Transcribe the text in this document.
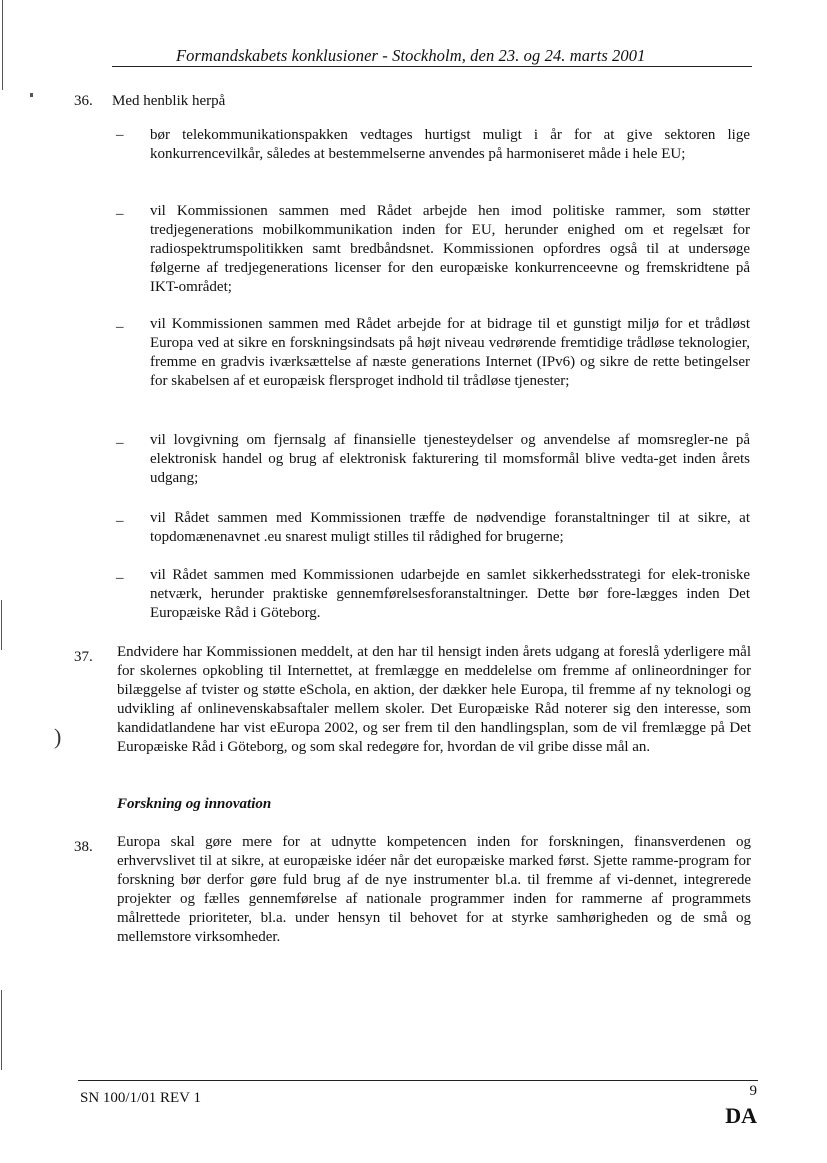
Formandskabets konklusioner - Stockholm, den 23. og 24. marts 2001
36. Med henblik herpå
– bør telekommunikationspakken vedtages hurtigst muligt i år for at give sektoren lige konkurrencevilkår, således at bestemmelserne anvendes på harmoniseret måde i hele EU;
– vil Kommissionen sammen med Rådet arbejde hen imod politiske rammer, som støtter tredjegenerations mobilkommunikation inden for EU, herunder enighed om et regelsæt for radiospektrumspolitikken samt bredbåndsnet. Kommissionen opfordres også til at undersøge følgerne af tredjegenerations licenser for den europæiske konkurrenceevne og fremskridtene på IKT-området;
– vil Kommissionen sammen med Rådet arbejde for at bidrage til et gunstigt miljø for et trådløst Europa ved at sikre en forskningsindsats på højt niveau vedrørende fremtidige trådløse teknologier, fremme en gradvis iværksættelse af næste generations Internet (IPv6) og sikre de rette betingelser for skabelsen af et europæisk flersproget indhold til trådløse tjenester;
– vil lovgivning om fjernsalg af finansielle tjenesteydelser og anvendelse af momsregler-ne på elektronisk handel og brug af elektronisk fakturering til momsformål blive vedta-get inden årets udgang;
– vil Rådet sammen med Kommissionen træffe de nødvendige foranstaltninger til at sikre, at topdomænenavnet .eu snarest muligt stilles til rådighed for brugerne;
– vil Rådet sammen med Kommissionen udarbejde en samlet sikkerhedsstrategi for elek-troniske netværk, herunder praktiske gennemførelsesforanstaltninger. Dette bør fore-lægges inden Det Europæiske Råd i Göteborg.
37. Endvidere har Kommissionen meddelt, at den har til hensigt inden årets udgang at foreslå yderligere mål for skolernes opkobling til Internettet, at fremlægge en meddelelse om fremme af onlineordninger for bilæggelse af tvister og støtte eSchola, en aktion, der dækker hele Europa, til fremme af ny teknologi og udvikling af onlinevenskabsaftaler mellem skoler. Det Europæiske Råd noterer sig den interesse, som kandidatlandene har vist eEuropa 2002, og ser frem til den handlingsplan, som de vil fremlægge på Det Europæiske Råd i Göteborg, og som skal redegøre for, hvordan de vil gribe disse mål an.
)
Forskning og innovation
38. Europa skal gøre mere for at udnytte kompetencen inden for forskningen, finansverdenen og erhvervslivet til at sikre, at europæiske idéer når det europæiske marked først. Sjette ramme-program for forskning bør derfor gøre fuld brug af de nye instrumenter bl.a. til fremme af vi-dennet, integrerede projekter og fælles gennemførelse af nationale programmer inden for rammerne af programmets målrettede prioriteter, bl.a. under hensyn til behovet for at styrke samhørigheden og de små og mellemstore virksomheder.
SN 100/1/01 REV 1	9
DA
